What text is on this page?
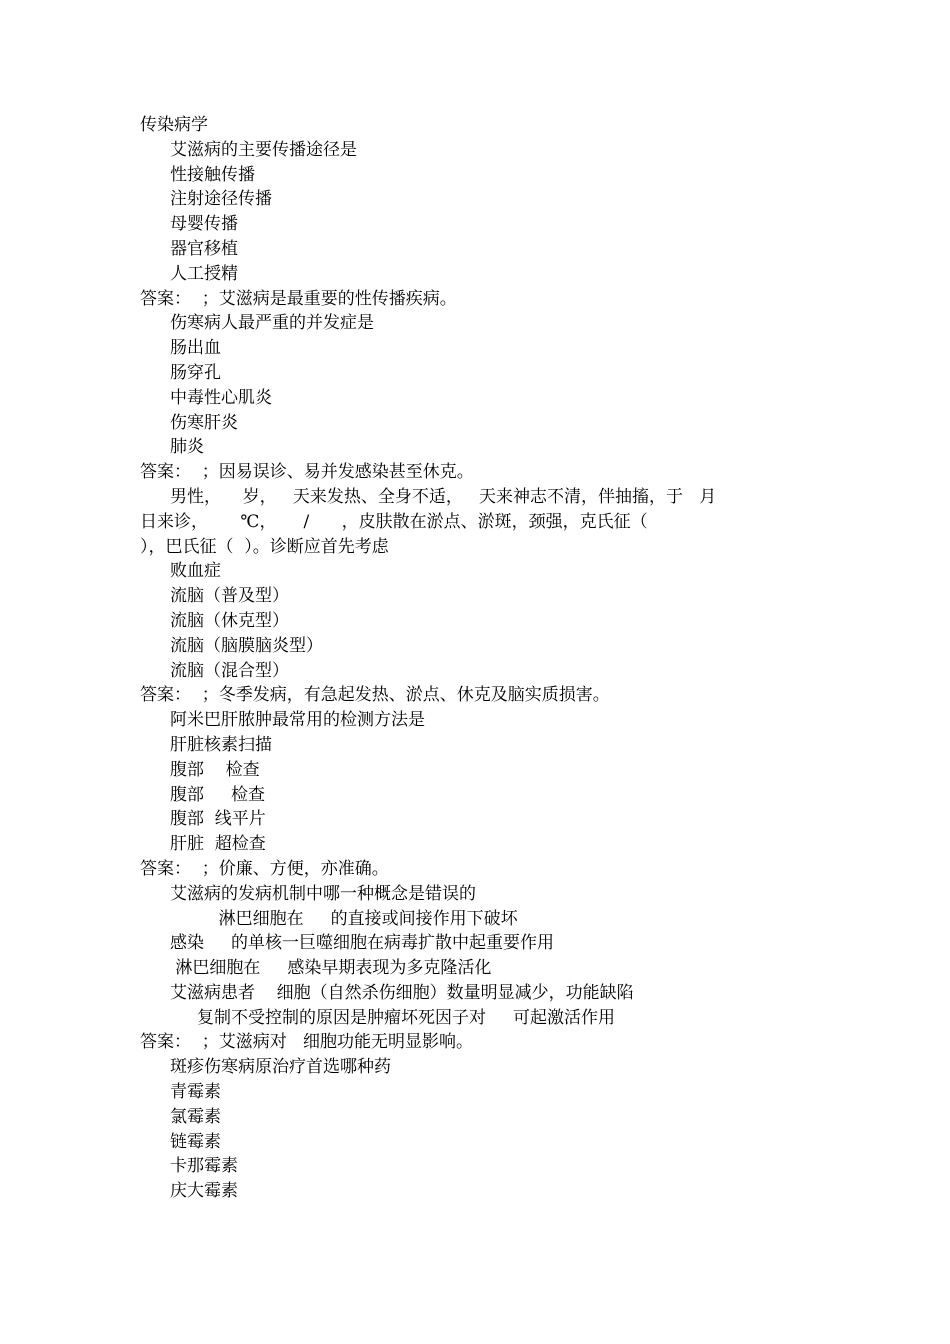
传染病学
艾滋病的主要传播途径是
性接触传播
注射途径传播
母婴传播
器官移植
人工授精
答案：  ；艾滋病是最重要的性传播疾病。
伤寒病人最严重的并发症是
肠出血
肠穿孔
中毒性心肌炎
伤寒肝炎
肺炎
答案：  ；因易误诊、易并发感染甚至休克。
男性，    岁，   天来发热、全身不适，   天来神志不清，伴抽搐，于   月
日来诊，      ℃，     /      ，皮肤散在淤点、淤斑，颈强，克氏征（
），巴氏征（  ）。诊断应首先考虑
败血症
流脑（普及型）
流脑（休克型）
流脑（脑膜脑炎型）
流脑（混合型）
答案：  ；冬季发病，有急起发热、淤点、休克及脑实质损害。
阿米巴肝脓肿最常用的检测方法是
肝脏核素扫描
腹部    检查
腹部     检查
腹部  线平片
肝脏  超检查
答案：  ；价廉、方便，亦准确。
艾滋病的发病机制中哪一种概念是错误的
淋巴细胞在     的直接或间接作用下破坏
感染     的单核一巨噬细胞在病毒扩散中起重要作用
淋巴细胞在     感染早期表现为多克隆活化
艾滋病患者    细胞（自然杀伤细胞）数量明显减少，功能缺陷
复制不受控制的原因是肿瘤坏死因子对     可起激活作用
答案：  ；艾滋病对   细胞功能无明显影响。
斑疹伤寒病原治疗首选哪种药
青霉素
氯霉素
链霉素
卡那霉素
庆大霉素
